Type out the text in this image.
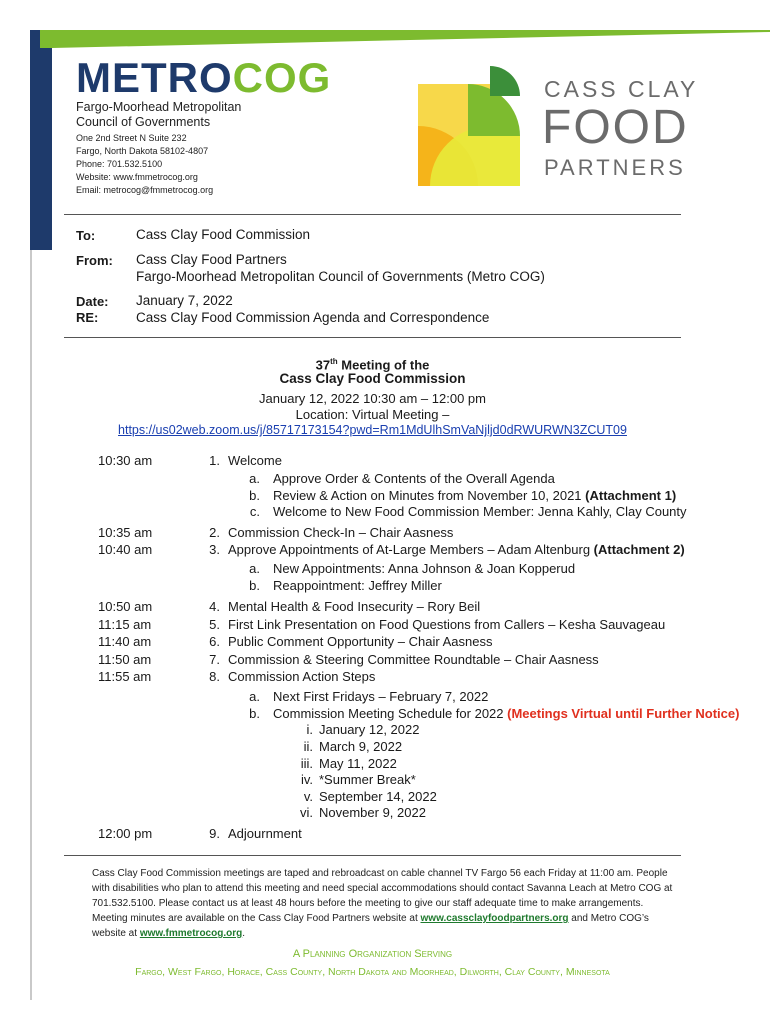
METROCOG
Fargo-Moorhead Metropolitan
Council of Governments
One 2nd Street N Suite 232
Fargo, North Dakota 58102-4807
Phone: 701.532.5100
Website: www.fmmetrocog.org
Email: metrocog@fmmetrocog.org
CASS CLAY
FOOD
PARTNERS
To:	Cass Clay Food Commission
From: Cass Clay Food Partners
Fargo-Moorhead Metropolitan Council of Governments (Metro COG)
Date: January 7, 2022
RE:	Cass Clay Food Commission Agenda and Correspondence
37th Meeting of the
Cass Clay Food Commission
January 12, 2022 10:30 am – 12:00 pm
Location: Virtual Meeting –
https://us02web.zoom.us/j/85717173154?pwd=Rm1MdUlhSmVaNjljd0dRWURWN3ZCUT09
10:30 am	1. Welcome
a. Approve Order & Contents of the Overall Agenda
b. Review & Action on Minutes from November 10, 2021 (Attachment 1)
c. Welcome to New Food Commission Member: Jenna Kahly, Clay County
10:35 am	2. Commission Check-In – Chair Aasness
10:40 am	3. Approve Appointments of At-Large Members – Adam Altenburg (Attachment 2)
a. New Appointments: Anna Johnson & Joan Kopperud
b. Reappointment: Jeffrey Miller
10:50 am	4. Mental Health & Food Insecurity – Rory Beil
11:15 am	5. First Link Presentation on Food Questions from Callers – Kesha Sauvageau
11:40 am	6. Public Comment Opportunity – Chair Aasness
11:50 am	7. Commission & Steering Committee Roundtable – Chair Aasness
11:55 am	8. Commission Action Steps
a. Next First Fridays – February 7, 2022
b. Commission Meeting Schedule for 2022 (Meetings Virtual until Further Notice)
i. January 12, 2022
ii. March 9, 2022
iii. May 11, 2022
iv. *Summer Break*
v. September 14, 2022
vi. November 9, 2022
12:00 pm	9. Adjournment
Cass Clay Food Commission meetings are taped and rebroadcast on cable channel TV Fargo 56 each Friday at 11:00 am. People with disabilities who plan to attend this meeting and need special accommodations should contact Savanna Leach at Metro COG at 701.532.5100. Please contact us at least 48 hours before the meeting to give our staff adequate time to make arrangements. Meeting minutes are available on the Cass Clay Food Partners website at www.cassclayfoodpartners.org and Metro COG’s website at www.fmmetrocog.org.
A Planning Organization Serving
Fargo, West Fargo, Horace, Cass County, North Dakota and Moorhead, Dilworth, Clay County, Minnesota
